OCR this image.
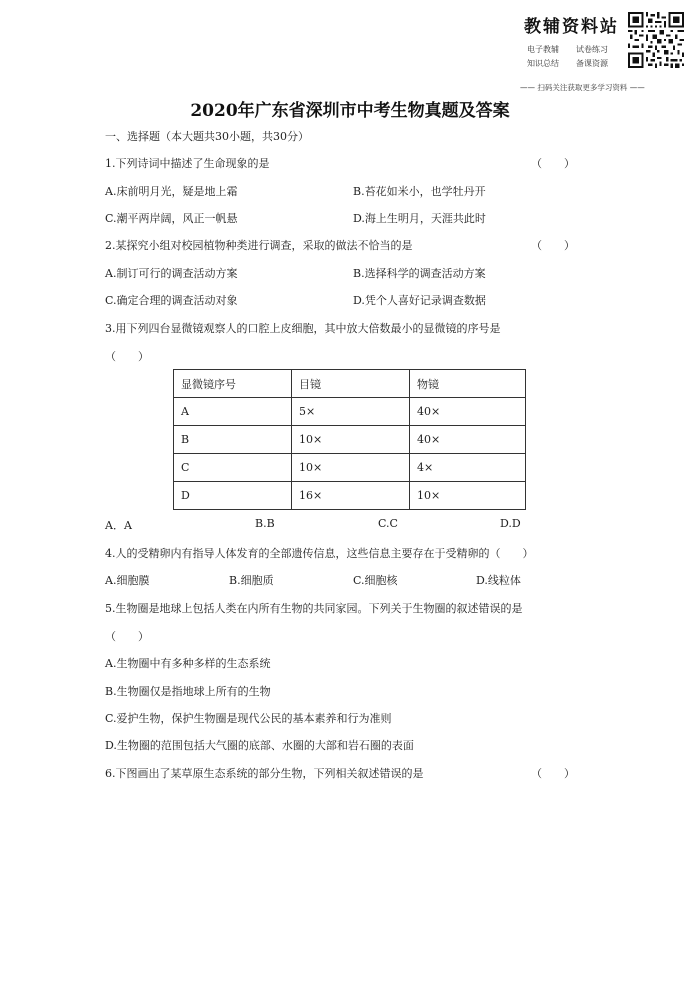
教辅资料站
电子教辅 试卷练习
知识总结 备课资源
—— 扫码关注获取更多学习资料 ——
2020年广东省深圳市中考生物真题及答案
一、选择题（本大题共30小题，共30分）
1.下列诗词中描述了生命现象的是	（　　）
A.床前明月光，疑是地上霜	B.苔花如米小，也学牡丹开
C.潮平两岸阔，风正一帆悬	D.海上生明月，天涯共此时
2.某探究小组对校园植物种类进行调查，采取的做法不恰当的是	（　　）
A.制订可行的调查活动方案	B.选择科学的调查活动方案
C.确定合理的调查活动对象	D.凭个人喜好记录调查数据
3.用下列四台显微镜观察人的口腔上皮细胞，其中放大倍数最小的显微镜的序号是
（　　）
显微镜序号	目镜	物镜
A	5×	40×
B	10×	40×
C	10×	4×
D	16×	10×
A．A	B.B	C.C	D.D
4.人的受精卵内有指导人体发育的全部遗传信息，这些信息主要存在于受精卵的（　　）
A.细胞膜	B.细胞质	C.细胞核	D.线粒体
5.生物圈是地球上包括人类在内所有生物的共同家园。下列关于生物圈的叙述错误的是
（　　）
A.生物圈中有多种多样的生态系统
B.生物圈仅是指地球上所有的生物
C.爱护生物，保护生物圈是现代公民的基本素养和行为准则
D.生物圈的范围包括大气圈的底部、水圈的大部和岩石圈的表面
6.下图画出了某草原生态系统的部分生物，下列相关叙述错误的是	（　　）
